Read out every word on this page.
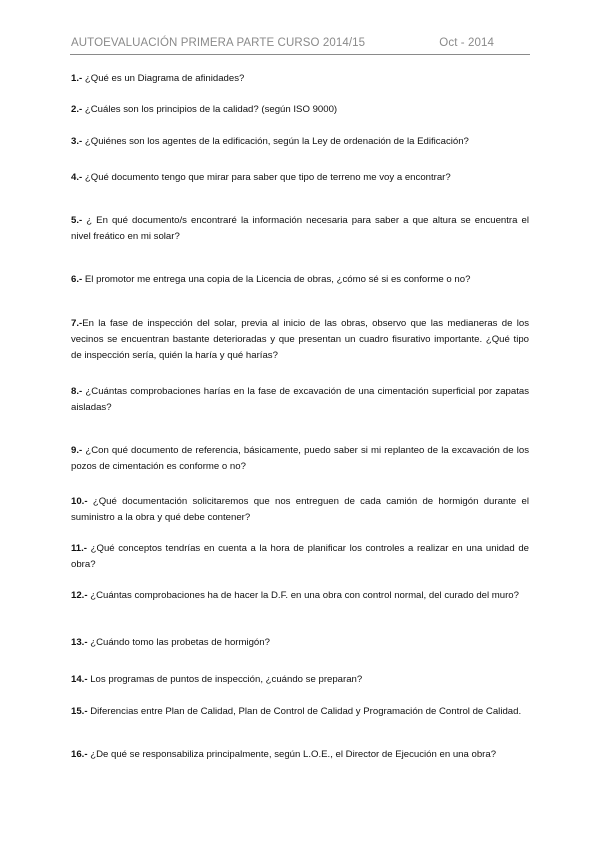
AUTOEVALUACIÓN PRIMERA PARTE CURSO 2014/15	Oct - 2014
1.- ¿Qué es un Diagrama de afinidades?
2.- ¿Cuáles son los principios de la calidad? (según ISO 9000)
3.- ¿Quiénes son los agentes de la edificación, según la Ley de ordenación de la Edificación?
4.- ¿Qué documento tengo que mirar para saber que tipo de terreno me voy a encontrar?
5.- ¿ En qué documento/s encontraré la información necesaria para saber a que altura se encuentra el nivel freático en mi solar?
6.- El promotor me entrega una copia de la Licencia de obras, ¿cómo sé si es conforme o no?
7.-En la fase de inspección del solar, previa al inicio de las obras, observo que las medianeras de los vecinos se encuentran bastante deterioradas y que presentan un cuadro fisurativo importante. ¿Qué tipo de inspección sería, quién la haría y qué harías?
8.- ¿Cuántas comprobaciones harías en la fase de excavación de una cimentación superficial por zapatas aisladas?
9.- ¿Con qué documento de referencia, básicamente, puedo saber si mi replanteo de la excavación de los pozos de cimentación es conforme o no?
10.- ¿Qué documentación solicitaremos que nos entreguen de cada camión de hormigón durante el suministro a la obra y qué debe contener?
11.- ¿Qué conceptos tendrías en cuenta a la hora de planificar los controles a realizar en una unidad de obra?
12.- ¿Cuántas comprobaciones ha de hacer la D.F. en una obra con control normal, del curado del muro?
13.- ¿Cuándo tomo las probetas de hormigón?
14.- Los programas de puntos de inspección, ¿cuándo se preparan?
15.- Diferencias entre Plan de Calidad, Plan de Control de Calidad y Programación de Control de Calidad.
16.- ¿De qué se responsabiliza principalmente, según L.O.E., el Director de Ejecución en una obra?
